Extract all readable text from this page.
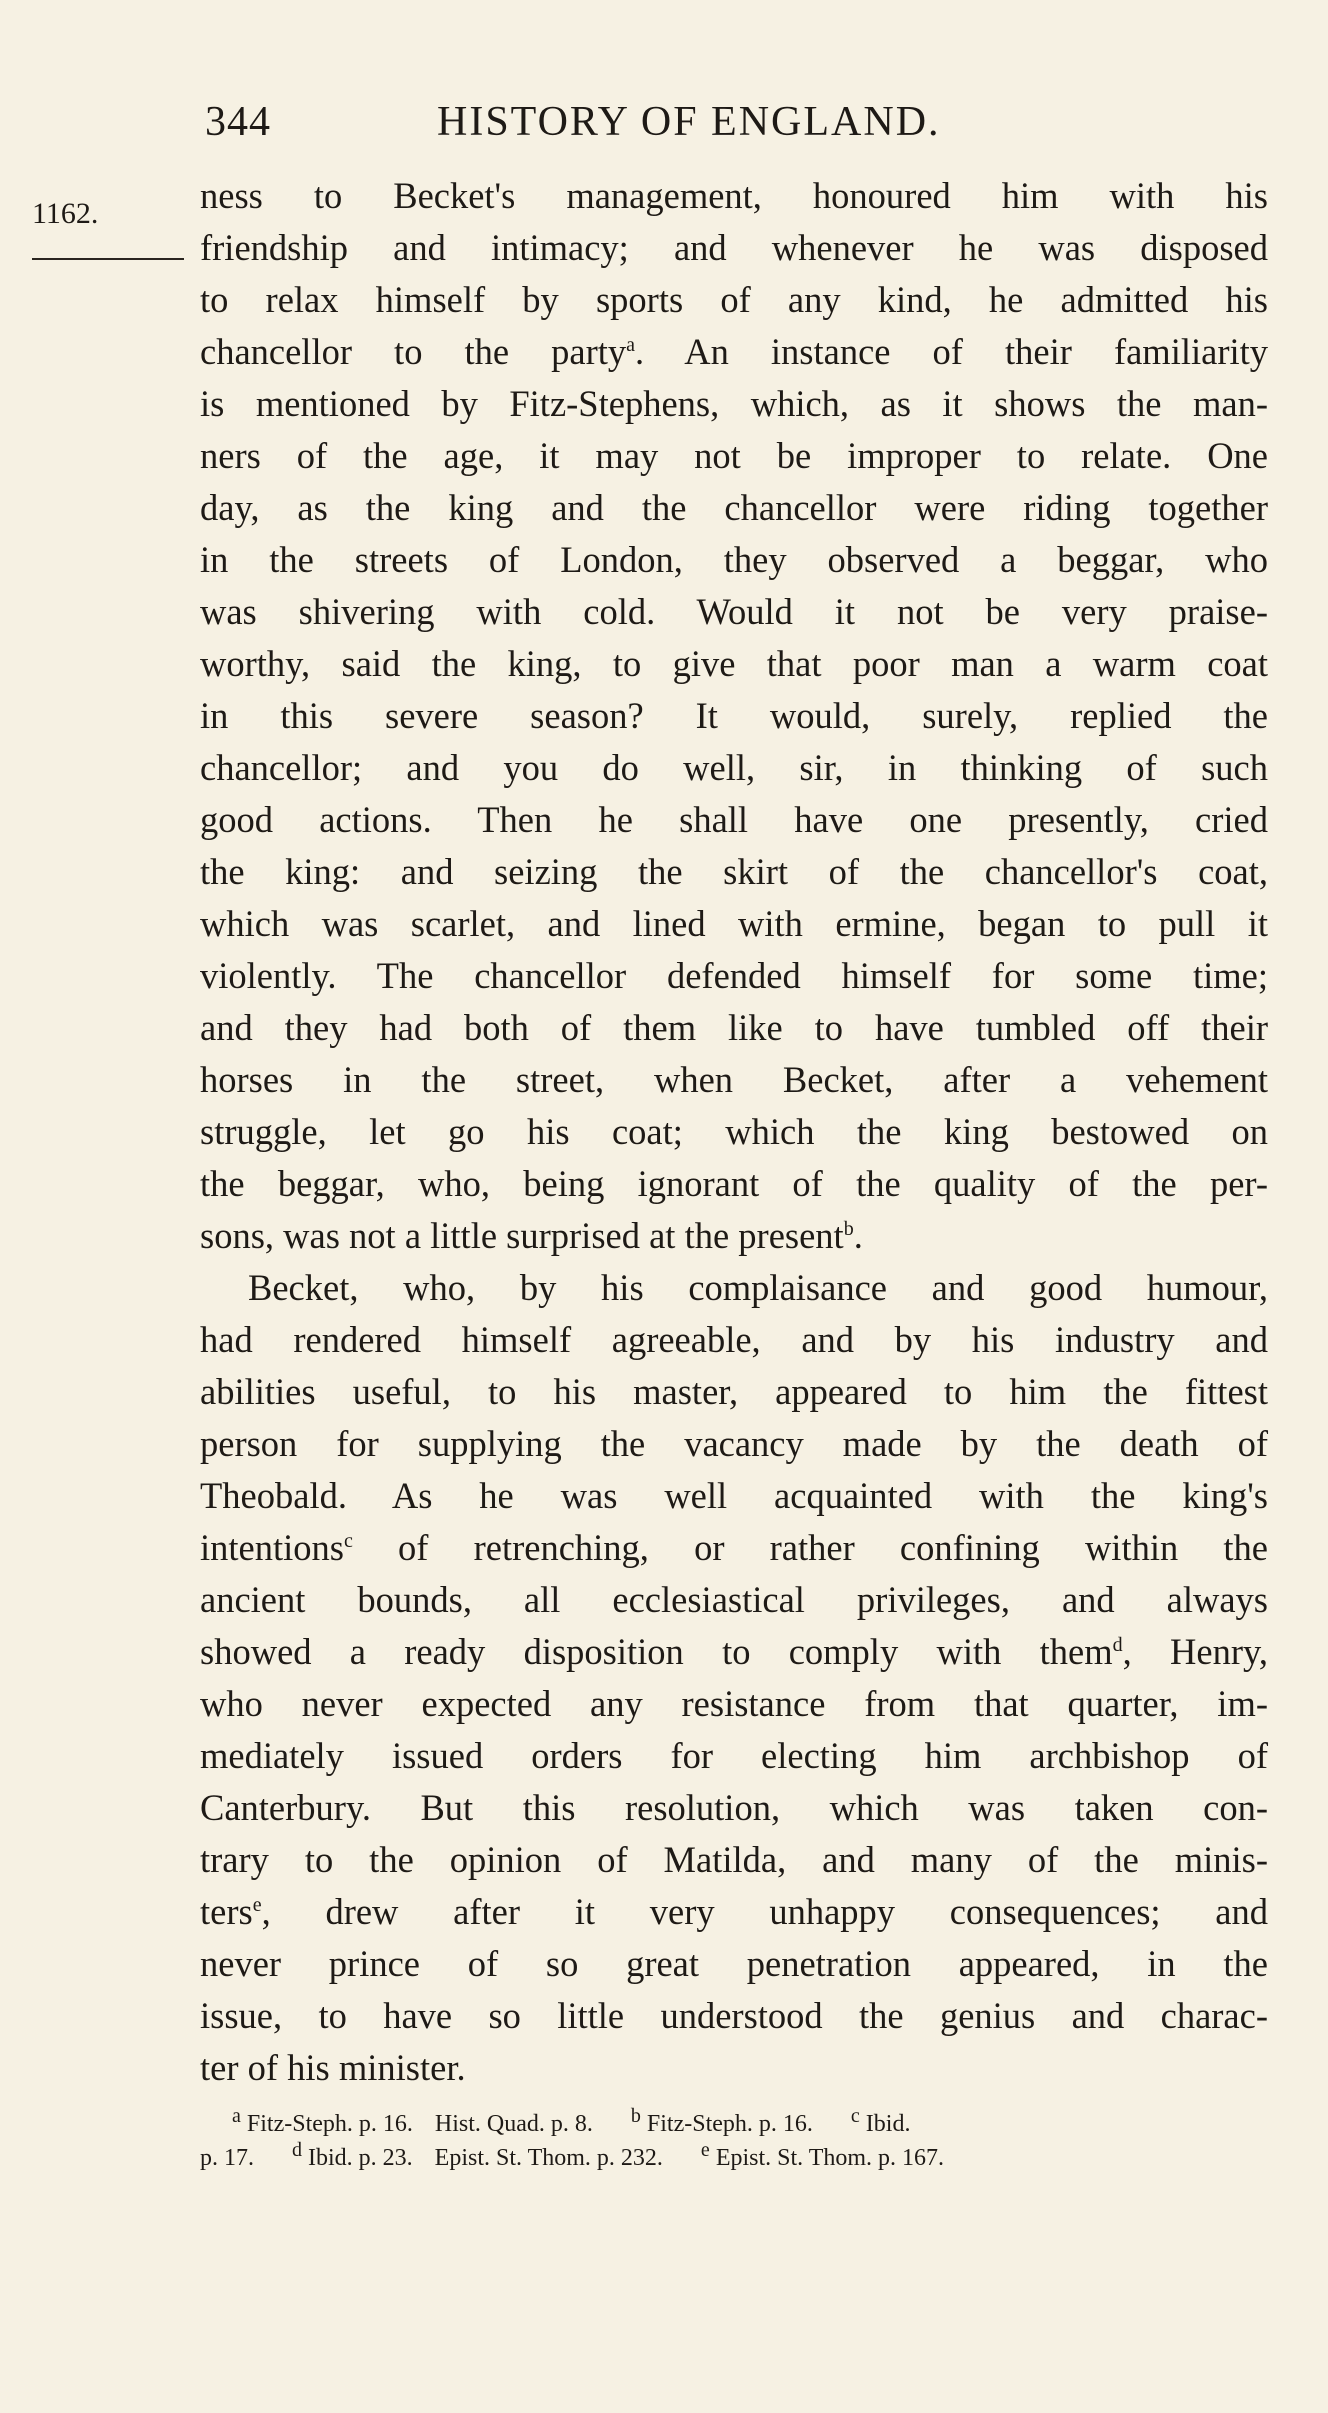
344	HISTORY OF ENGLAND.
1162.	ness to Becket's management, honoured him with his
friendship and intimacy; and whenever he was disposed
to relax himself by sports of any kind, he admitted his
chancellor to the party$^a$. An instance of their familiarity
is mentioned by Fitz-Stephens, which, as it shows the man-
ners of the age, it may not be improper to relate. One
day, as the king and the chancellor were riding together
in the streets of London, they observed a beggar, who
was shivering with cold. Would it not be very praise-
worthy, said the king, to give that poor man a warm coat
in this severe season? It would, surely, replied the
chancellor; and you do well, sir, in thinking of such
good actions. Then he shall have one presently, cried
the king: and seizing the skirt of the chancellor's coat,
which was scarlet, and lined with ermine, began to pull it
violently. The chancellor defended himself for some time;
and they had both of them like to have tumbled off their
horses in the street, when Becket, after a vehement
struggle, let go his coat; which the king bestowed on
the beggar, who, being ignorant of the quality of the per-
sons, was not a little surprised at the present$^b$.

Becket, who, by his complaisance and good humour,
had rendered himself agreeable, and by his industry and
abilities useful, to his master, appeared to him the fittest
person for supplying the vacancy made by the death of
Theobald. As he was well acquainted with the king's
intentions$^c$ of retrenching, or rather confining within the
ancient bounds, all ecclesiastical privileges, and always
showed a ready disposition to comply with them$^d$, Henry,
who never expected any resistance from that quarter, im-
mediately issued orders for electing him archbishop of
Canterbury. But this resolution, which was taken con-
trary to the opinion of Matilda, and many of the minis-
ters$^e$, drew after it very unhappy consequences; and
never prince of so great penetration appeared, in the
issue, to have so little understood the genius and charac-
ter of his minister.

$^a$ Fitz-Steph. p. 16. Hist. Quad. p. 8. $^b$ Fitz-Steph. p. 16. $^c$ Ibid.
p. 17. $^d$ Ibid. p. 23. Epist. St. Thom. p. 232. $^e$ Epist. St. Thom. p. 167.
